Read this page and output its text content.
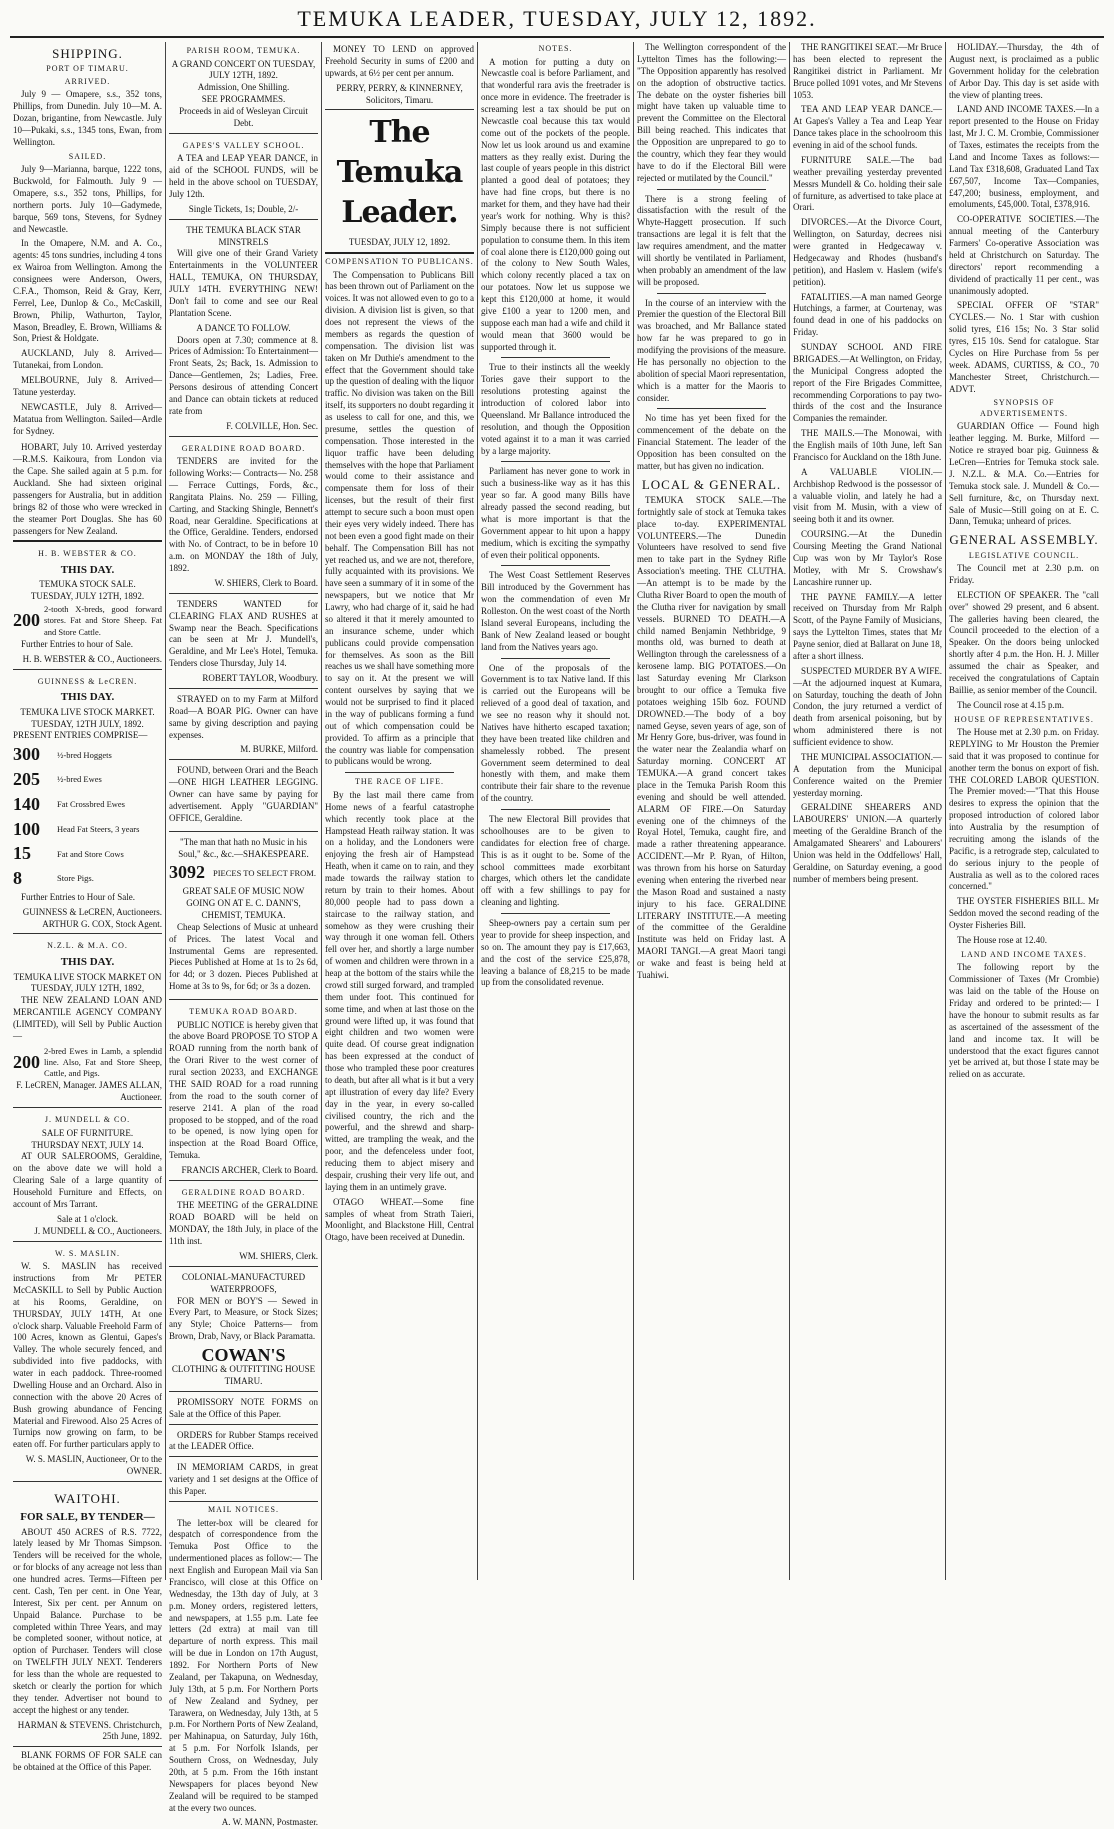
TEMUKA LEADER, TUESDAY, JULY 12, 1892.
SHIPPING.
PORT OF TIMARU.
ARRIVED.

July 9 — Omapere, s.s., 352 tons, Phillips, from Dunedin. July 10—M. A. Dozan, brigantine, from Newcastle. July 10—Pukaki, s.s., 1345 tons, Ewan, from Wellington.

SAILED.

July 9—Marianna, barque, 1222 tons, Buckwold, for Falmouth. July 9 — Omapere, s.s., 352 tons, Phillips, for northern ports. July 10—Gadymede, barque, 569 tons, Stevens, for Sydney and Newcastle.

In the Omapere, N.M. and A. Co., agents: 45 tons sundries, including 4 tons ex Wairoa from Wellington. Among the consignees were Anderson, Owers, C.F.A., Thomson, Reid & Gray, Kerr, Ferrel, Lee, Dunlop & Co., McCaskill, Brown, Philip, Wathurton, Taylor, Mason, Breadley, E. Brown, Williams & Son, Priest & Holdgate.

AUCKLAND, July 8. Arrived—Tutanekai, from London.

MELBOURNE, July 8. Arrived—Tatune yesterday.

NEWCASTLE, July 8. Arrived—Matatua from Wellington. Sailed—Ardle for Sydney.

HOBART, July 10. Arrived yesterday—R.M.S. Kaikoura, from London via the Cape. She sailed again at 5 p.m. for Auckland. She had sixteen original passengers for Australia, but in addition brings 82 of those who were wrecked in the steamer Port Douglas. She has 60 passengers for New Zealand.

H. B. WEBSTER & CO.
THIS DAY.
TEMUKA STOCK SALE.
TUESDAY, JULY 12TH, 1892.
200
2-tooth X-breds, good forward stores. Fat and Store Sheep. Fat and Store Cattle.

Further Entries to hour of Sale.

H. B. WEBSTER & CO., Auctioneers.
GUINNESS & LeCREN.
THIS DAY.
TEMUKA LIVE STOCK MARKET.
TUESDAY, 12TH JULY, 1892.
PRESENT ENTRIES COMPRISE—
300	½-bred Hoggets
205	½-bred Ewes
140	Fat Crossbred Ewes
100	Head Fat Steers, 3 years
15	Fat and Store Cows
8	Store Pigs.

Further Entries to Hour of Sale.

GUINNESS & LeCREN, Auctioneers. ARTHUR G. COX, Stock Agent.
N.Z.L. & M.A. CO.
THIS DAY.
TEMUKA LIVE STOCK MARKET ON TUESDAY, JULY 12TH, 1892,

THE NEW ZEALAND LOAN AND MERCANTILE AGENCY COMPANY (LIMITED), will Sell by Public Auction—

200
2-bred Ewes in Lamb, a splendid line. Also, Fat and Store Sheep, Cattle, and Pigs.
F. LeCREN, Manager. JAMES ALLAN, Auctioneer.
J. MUNDELL & CO.
SALE OF FURNITURE.
THURSDAY NEXT, JULY 14.

AT OUR SALEROOMS, Geraldine, on the above date we will hold a Clearing Sale of a large quantity of Household Furniture and Effects, on account of Mrs Tarrant.

Sale at 1 o'clock.
J. MUNDELL & CO., Auctioneers.
W. S. MASLIN.

W. S. MASLIN has received instructions from Mr PETER McCASKILL to Sell by Public Auction at his Rooms, Geraldine, on THURSDAY, JULY 14TH, At one o'clock sharp. Valuable Freehold Farm of 100 Acres, known as Glentui, Gapes's Valley. The whole securely fenced, and subdivided into five paddocks, with water in each paddock. Three-roomed Dwelling House and an Orchard. Also in connection with the above 20 Acres of Bush growing abundance of Fencing Material and Firewood. Also 25 Acres of Turnips now growing on farm, to be eaten off. For further particulars apply to

W. S. MASLIN, Auctioneer, Or to the OWNER.
WAITOHI.
FOR SALE, BY TENDER—

ABOUT 450 ACRES of R.S. 7722, lately leased by Mr Thomas Simpson. Tenders will be received for the whole, or for blocks of any acreage not less than one hundred acres. Terms—Fifteen per cent. Cash, Ten per cent. in One Year, Interest, Six per cent. per Annum on Unpaid Balance. Purchase to be completed within Three Years, and may be completed sooner, without notice, at option of Purchaser. Tenders will close on TWELFTH JULY NEXT. Tenderers for less than the whole are requested to sketch or clearly the portion for which they tender. Advertiser not bound to accept the highest or any tender.

HARMAN & STEVENS. Christchurch, 25th June, 1892.

BLANK FORMS OF FOR SALE can be obtained at the Office of this Paper.

PARISH ROOM, TEMUKA.
A GRAND CONCERT ON TUESDAY, JULY 12TH, 1892.
Admission, One Shilling.
SEE PROGRAMMES.
Proceeds in aid of Wesleyan Circuit Debt.
GAPES'S VALLEY SCHOOL.

A TEA and LEAP YEAR DANCE, in aid of the SCHOOL FUNDS, will be held in the above school on TUESDAY, July 12th.

Single Tickets, 1s; Double, 2/-
THE TEMUKA BLACK STAR MINSTRELS

Will give one of their Grand Variety Entertainments in the VOLUNTEER HALL, TEMUKA, ON THURSDAY, JULY 14TH. EVERYTHING NEW! Don't fail to come and see our Real Plantation Scene.

A DANCE TO FOLLOW.

Doors open at 7.30; commence at 8. Prices of Admission: To Entertainment—Front Seats, 2s; Back, 1s. Admission to Dance—Gentlemen, 2s; Ladies, Free. Persons desirous of attending Concert and Dance can obtain tickets at reduced rate from

F. COLVILLE, Hon. Sec.
GERALDINE ROAD BOARD.

TENDERS are invited for the following Works:— Contracts— No. 258 — Ferrace Cuttings, Fords, &c., Rangitata Plains. No. 259 — Filling, Carting, and Stacking Shingle, Bennett's Road, near Geraldine. Specifications at the Office, Geraldine. Tenders, endorsed with No. of Contract, to be in before 10 a.m. on MONDAY the 18th of July, 1892.

W. SHIERS, Clerk to Board.

TENDERS WANTED for CLEARING FLAX AND RUSHES at Swamp near the Beach. Specifications can be seen at Mr J. Mundell's, Geraldine, and Mr Lee's Hotel, Temuka. Tenders close Thursday, July 14.

ROBERT TAYLOR, Woodbury.

STRAYED on to my Farm at Milford Road—A BOAR PIG. Owner can have same by giving description and paying expenses.

M. BURKE, Milford.

FOUND, between Orari and the Beach —ONE HIGH LEATHER LEGGING. Owner can have same by paying for advertisement. Apply "GUARDIAN" OFFICE, Geraldine.

"The man that hath no Music in his Soul," &c., &c.—SHAKESPEARE.
3092 PIECES TO SELECT FROM.
GREAT SALE OF MUSIC NOW GOING ON AT E. C. DANN'S, CHEMIST, TEMUKA.

Cheap Selections of Music at unheard of Prices. The latest Vocal and Instrumental Gems are represented. Pieces Published at Home at 1s to 2s 6d, for 4d; or 3 dozen. Pieces Published at Home at 3s to 9s, for 6d; or 3s a dozen.

TEMUKA ROAD BOARD.

PUBLIC NOTICE is hereby given that the above Board PROPOSE TO STOP A ROAD running from the north bank of the Orari River to the west corner of rural section 20233, and EXCHANGE THE SAID ROAD for a road running from the road to the south corner of reserve 2141. A plan of the road proposed to be stopped, and of the road to be opened, is now lying open for inspection at the Road Board Office, Temuka.

FRANCIS ARCHER, Clerk to Board.
GERALDINE ROAD BOARD.

THE MEETING of the GERALDINE ROAD BOARD will be held on MONDAY, the 18th July, in place of the 11th inst.

WM. SHIERS, Clerk.
COLONIAL-MANUFACTURED WATERPROOFS,

FOR MEN or BOY'S — Sewed in Every Part, to Measure, or Stock Sizes; any Style; Choice Patterns— from Brown, Drab, Navy, or Black Paramatta.

COWAN'S
CLOTHING & OUTFITTING HOUSE TIMARU.

PROMISSORY NOTE FORMS on Sale at the Office of this Paper.

ORDERS for Rubber Stamps received at the LEADER Office.

IN MEMORIAM CARDS, in great variety and 1 set designs at the Office of this Paper.

MAIL NOTICES.

The letter-box will be cleared for despatch of correspondence from the Temuka Post Office to the undermentioned places as follow:— The next English and European Mail via San Francisco, will close at this Office on Wednesday, the 13th day of July, at 3 p.m. Money orders, registered letters, and newspapers, at 1.55 p.m. Late fee letters (2d extra) at mail van till departure of north express. This mail will be due in London on 17th August, 1892. For Northern Ports of New Zealand, per Takapuna, on Wednesday, July 13th, at 5 p.m. For Northern Ports of New Zealand and Sydney, per Tarawera, on Wednesday, July 13th, at 5 p.m. For Northern Ports of New Zealand, per Mahinapua, on Saturday, July 16th, at 5 p.m. For Norfolk Islands, per Southern Cross, on Wednesday, July 20th, at 5 p.m. From the 16th instant Newspapers for places beyond New Zealand will be required to be stamped at the every two ounces.

A. W. MANN, Postmaster.

MONEY TO LEND on approved Freehold Security in sums of £200 and upwards, at 6½ per cent per annum.

PERRY, PERRY, & KINNERNEY, Solicitors, Timaru.
The Temuka Leader.
TUESDAY, JULY 12, 1892.
COMPENSATION TO PUBLICANS.

The Compensation to Publicans Bill has been thrown out of Parliament on the voices. It was not allowed even to go to a division. A division list is given, so that does not represent the views of the members as regards the question of compensation. The division list was taken on Mr Duthie's amendment to the effect that the Government should take up the question of dealing with the liquor traffic. No division was taken on the Bill itself, its supporters no doubt regarding it as useless to call for one, and this, we presume, settles the question of compensation. Those interested in the liquor traffic have been deluding themselves with the hope that Parliament would come to their assistance and compensate them for loss of their licenses, but the result of their first attempt to secure such a boon must open their eyes very widely indeed. There has not been even a good fight made on their behalf. The Compensation Bill has not yet reached us, and we are not, therefore, fully acquainted with its provisions. We have seen a summary of it in some of the newspapers, but we notice that Mr Lawry, who had charge of it, said he had so altered it that it merely amounted to an insurance scheme, under which publicans could provide compensation for themselves. As soon as the Bill reaches us we shall have something more to say on it. At the present we will content ourselves by saying that we would not be surprised to find it placed in the way of publicans forming a fund out of which compensation could be provided. To affirm as a principle that the country was liable for compensation to publicans would be wrong.

THE RACE OF LIFE.

By the last mail there came from Home news of a fearful catastrophe which recently took place at the Hampstead Heath railway station. It was on a holiday, and the Londoners were enjoying the fresh air of Hampstead Heath, when it came on to rain, and they made towards the railway station to return by train to their homes. About 80,000 people had to pass down a staircase to the railway station, and somehow as they were crushing their way through it one woman fell. Others fell over her, and shortly a large number of women and children were thrown in a heap at the bottom of the stairs while the crowd still surged forward, and trampled them under foot. This continued for some time, and when at last those on the ground were lifted up, it was found that eight children and two women were quite dead. Of course great indignation has been expressed at the conduct of those who trampled these poor creatures to death, but after all what is it but a very apt illustration of every day life? Every day in the year, in every so-called civilised country, the rich and the powerful, and the shrewd and sharp-witted, are trampling the weak, and the poor, and the defenceless under foot, reducing them to abject misery and despair, crushing their very life out, and laying them in an untimely grave.

OTAGO WHEAT.—Some fine samples of wheat from Strath Taieri, Moonlight, and Blackstone Hill, Central Otago, have been received at Dunedin.

NOTES.

A motion for putting a duty on Newcastle coal is before Parliament, and that wonderful rara avis the freetrader is once more in evidence. The freetrader is screaming lest a tax should be put on Newcastle coal because this tax would come out of the pockets of the people. Now let us look around us and examine matters as they really exist. During the last couple of years people in this district planted a good deal of potatoes; they have had fine crops, but there is no market for them, and they have had their year's work for nothing. Why is this? Simply because there is not sufficient population to consume them. In this item of coal alone there is £120,000 going out of the colony to New South Wales, which colony recently placed a tax on our potatoes. Now let us suppose we kept this £120,000 at home, it would give £100 a year to 1200 men, and suppose each man had a wife and child it would mean that 3600 would be supported through it.

True to their instincts all the weekly Tories gave their support to the resolutions protesting against the introduction of colored labor into Queensland. Mr Ballance introduced the resolution, and though the Opposition voted against it to a man it was carried by a large majority.

Parliament has never gone to work in such a business-like way as it has this year so far. A good many Bills have already passed the second reading, but what is more important is that the Government appear to hit upon a happy medium, which is exciting the sympathy of even their political opponents.

The West Coast Settlement Reserves Bill introduced by the Government has won the commendation of even Mr Rolleston. On the west coast of the North Island several Europeans, including the Bank of New Zealand leased or bought land from the Natives years ago.

One of the proposals of the Government is to tax Native land. If this is carried out the Europeans will be relieved of a good deal of taxation, and we see no reason why it should not. Natives have hitherto escaped taxation; they have been treated like children and shamelessly robbed. The present Government seem determined to deal honestly with them, and make them contribute their fair share to the revenue of the country.

The new Electoral Bill provides that schoolhouses are to be given to candidates for election free of charge. This is as it ought to be. Some of the school committees made exorbitant charges, which others let the candidate off with a few shillings to pay for cleaning and lighting.

Sheep-owners pay a certain sum per year to provide for sheep inspection, and so on. The amount they pay is £17,663, and the cost of the service £25,878, leaving a balance of £8,215 to be made up from the consolidated revenue.

The Wellington correspondent of the Lyttelton Times has the following:— "The Opposition apparently has resolved on the adoption of obstructive tactics. The debate on the oyster fisheries bill might have taken up valuable time to prevent the Committee on the Electoral Bill being reached. This indicates that the Opposition are unprepared to go to the country, which they fear they would have to do if the Electoral Bill were rejected or mutilated by the Council."

There is a strong feeling of dissatisfaction with the result of the Whyte-Haggett prosecution. If such transactions are legal it is felt that the law requires amendment, and the matter will shortly be ventilated in Parliament, when probably an amendment of the law will be proposed.

In the course of an interview with the Premier the question of the Electoral Bill was broached, and Mr Ballance stated how far he was prepared to go in modifying the provisions of the measure. He has personally no objection to the abolition of special Maori representation, which is a matter for the Maoris to consider.

No time has yet been fixed for the commencement of the debate on the Financial Statement. The leader of the Opposition has been consulted on the matter, but has given no indication.

LOCAL & GENERAL.

TEMUKA STOCK SALE.—The fortnightly sale of stock at Temuka takes place to-day. EXPERIMENTAL VOLUNTEERS.—The Dunedin Volunteers have resolved to send five men to take part in the Sydney Rifle Association's meeting. THE CLUTHA.—An attempt is to be made by the Clutha River Board to open the mouth of the Clutha river for navigation by small vessels. BURNED TO DEATH.—A child named Benjamin Nethbridge, 9 months old, was burned to death at Wellington through the carelessness of a kerosene lamp. BIG POTATOES.—On last Saturday evening Mr Clarkson brought to our office a Temuka five potatoes weighing 15lb 6oz. FOUND DROWNED.—The body of a boy named Geyse, seven years of age, son of Mr Henry Gore, bus-driver, was found in the water near the Zealandia wharf on Saturday morning. CONCERT AT TEMUKA.—A grand concert takes place in the Temuka Parish Room this evening and should be well attended. ALARM OF FIRE.—On Saturday evening one of the chimneys of the Royal Hotel, Temuka, caught fire, and made a rather threatening appearance. ACCIDENT.—Mr P. Ryan, of Hilton, was thrown from his horse on Saturday evening when entering the riverbed near the Mason Road and sustained a nasty injury to his face. GERALDINE LITERARY INSTITUTE.—A meeting of the committee of the Geraldine Institute was held on Friday last. A MAORI TANGI.—A great Maori tangi or wake and feast is being held at Tuahiwi.

THE RANGITIKEI SEAT.—Mr Bruce has been elected to represent the Rangitikei district in Parliament. Mr Bruce polled 1091 votes, and Mr Stevens 1053.

TEA AND LEAP YEAR DANCE.—At Gapes's Valley a Tea and Leap Year Dance takes place in the schoolroom this evening in aid of the school funds.

FURNITURE SALE.—The bad weather prevailing yesterday prevented Messrs Mundell & Co. holding their sale of furniture, as advertised to take place at Orari.

DIVORCES.—At the Divorce Court, Wellington, on Saturday, decrees nisi were granted in Hedgecaway v. Hedgecaway and Rhodes (husband's petition), and Haslem v. Haslem (wife's petition).

FATALITIES.—A man named George Hutchings, a farmer, at Courtenay, was found dead in one of his paddocks on Friday.

SUNDAY SCHOOL AND FIRE BRIGADES.—At Wellington, on Friday, the Municipal Congress adopted the report of the Fire Brigades Committee, recommending Corporations to pay two-thirds of the cost and the Insurance Companies the remainder.

THE MAILS.—The Monowai, with the English mails of 10th June, left San Francisco for Auckland on the 18th June.

A VALUABLE VIOLIN.—Archbishop Redwood is the possessor of a valuable violin, and lately he had a visit from M. Musin, with a view of seeing both it and its owner.

COURSING.—At the Dunedin Coursing Meeting the Grand National Cup was won by Mr Taylor's Rose Motley, with Mr S. Crowshaw's Lancashire runner up.

THE PAYNE FAMILY.—A letter received on Thursday from Mr Ralph Scott, of the Payne Family of Musicians, says the Lyttelton Times, states that Mr Payne senior, died at Ballarat on June 18, after a short illness.

SUSPECTED MURDER BY A WIFE.—At the adjourned inquest at Kumara, on Saturday, touching the death of John Condon, the jury returned a verdict of death from arsenical poisoning, but by whom administered there is not sufficient evidence to show.

THE MUNICIPAL ASSOCIATION.—A deputation from the Municipal Conference waited on the Premier yesterday morning.

GERALDINE SHEARERS AND LABOURERS' UNION.—A quarterly meeting of the Geraldine Branch of the Amalgamated Shearers' and Labourers' Union was held in the Oddfellows' Hall, Geraldine, on Saturday evening, a good number of members being present.

HOLIDAY.—Thursday, the 4th of August next, is proclaimed as a public Government holiday for the celebration of Arbor Day. This day is set aside with the view of planting trees.

LAND AND INCOME TAXES.—In a report presented to the House on Friday last, Mr J. C. M. Crombie, Commissioner of Taxes, estimates the receipts from the Land and Income Taxes as follows:—Land Tax £318,608, Graduated Land Tax £67,507, Income Tax—Companies, £47,200; business, employment, and emoluments, £45,000. Total, £378,916.

CO-OPERATIVE SOCIETIES.—The annual meeting of the Canterbury Farmers' Co-operative Association was held at Christchurch on Saturday. The directors' report recommending a dividend of practically 11 per cent., was unanimously adopted.

SPECIAL OFFER OF "STAR" CYCLES.— No. 1 Star with cushion solid tyres, £16 15s; No. 3 Star solid tyres, £15 10s. Send for catalogue. Star Cycles on Hire Purchase from 5s per week. ADAMS, CURTISS, & CO., 70 Manchester Street, Christchurch.—ADVT.

SYNOPSIS OF ADVERTISEMENTS.

GUARDIAN Office — Found high leather legging. M. Burke, Milford — Notice re strayed boar pig. Guinness & LeCren—Entries for Temuka stock sale. J. N.Z.L. & M.A. Co.—Entries for Temuka stock sale. J. Mundell & Co.—Sell furniture, &c, on Thursday next. Sale of Music—Still going on at E. C. Dann, Temuka; unheard of prices.

GENERAL ASSEMBLY.
LEGISLATIVE COUNCIL.

The Council met at 2.30 p.m. on Friday.

ELECTION OF SPEAKER. The "call over" showed 29 present, and 6 absent. The galleries having been cleared, the Council proceeded to the election of a Speaker. On the doors being unlocked shortly after 4 p.m. the Hon. H. J. Miller assumed the chair as Speaker, and received the congratulations of Captain Baillie, as senior member of the Council.

The Council rose at 4.15 p.m.

HOUSE OF REPRESENTATIVES.

The House met at 2.30 p.m. on Friday. REPLYING to Mr Houston the Premier said that it was proposed to continue for another term the bonus on export of fish. THE COLORED LABOR QUESTION. The Premier moved:—"That this House desires to express the opinion that the proposed introduction of colored labor into Australia by the resumption of recruiting among the islands of the Pacific, is a retrograde step, calculated to do serious injury to the people of Australia as well as to the colored races concerned."

THE OYSTER FISHERIES BILL. Mr Seddon moved the second reading of the Oyster Fisheries Bill.

The House rose at 12.40.

LAND AND INCOME TAXES.

The following report by the Commissioner of Taxes (Mr Crombie) was laid on the table of the House on Friday and ordered to be printed:— I have the honour to submit results as far as ascertained of the assessment of the land and income tax. It will be understood that the exact figures cannot yet be arrived at, but those I state may be relied on as accurate.
